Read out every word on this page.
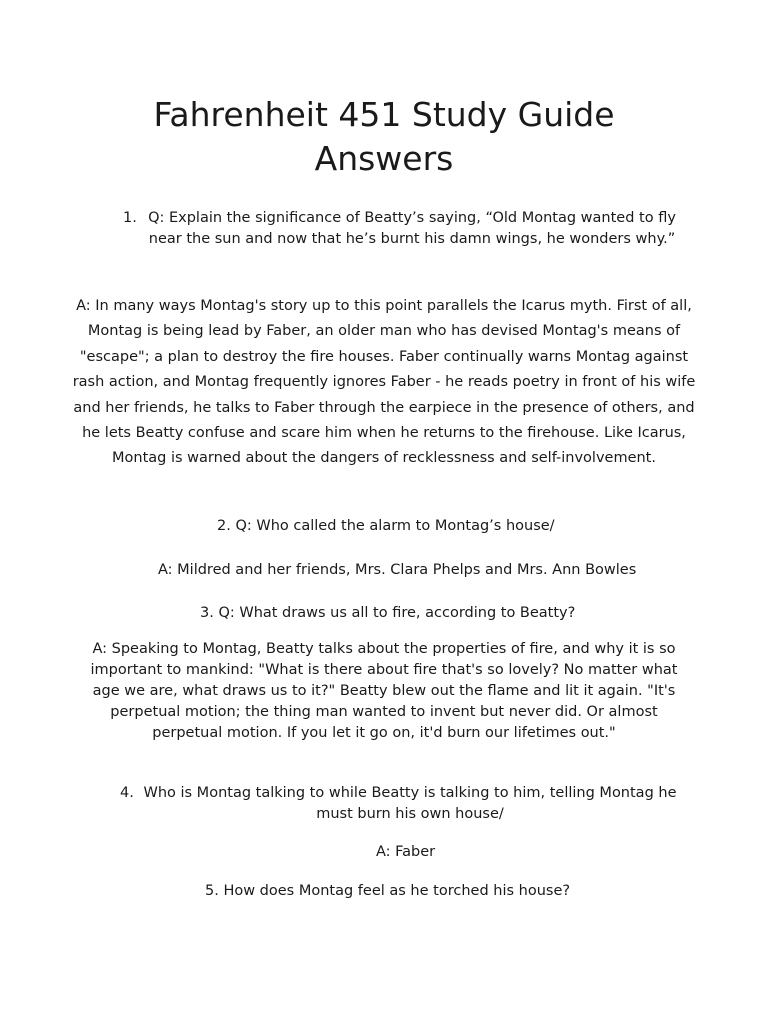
Fahrenheit 451 Study Guide
Answers
1. Q: Explain the significance of Beatty’s saying, “Old Montag wanted to fly near the sun and now that he’s burnt his damn wings, he wonders why.”
A: In many ways Montag's story up to this point parallels the Icarus myth. First of all, Montag is being lead by Faber, an older man who has devised Montag's means of "escape"; a plan to destroy the fire houses. Faber continually warns Montag against rash action, and Montag frequently ignores Faber - he reads poetry in front of his wife and her friends, he talks to Faber through the earpiece in the presence of others, and he lets Beatty confuse and scare him when he returns to the firehouse. Like Icarus, Montag is warned about the dangers of recklessness and self-involvement.
2. Q: Who called the alarm to Montag’s house/
A: Mildred and her friends, Mrs. Clara Phelps and Mrs. Ann Bowles
3. Q: What draws us all to fire, according to Beatty?
A: Speaking to Montag, Beatty talks about the properties of fire, and why it is so important to mankind: "What is there about fire that's so lovely? No matter what age we are, what draws us to it?" Beatty blew out the flame and lit it again. "It's perpetual motion; the thing man wanted to invent but never did. Or almost perpetual motion. If you let it go on, it'd burn our lifetimes out."
4. Who is Montag talking to while Beatty is talking to him, telling Montag he must burn his own house/
A: Faber
5. How does Montag feel as he torched his house?
